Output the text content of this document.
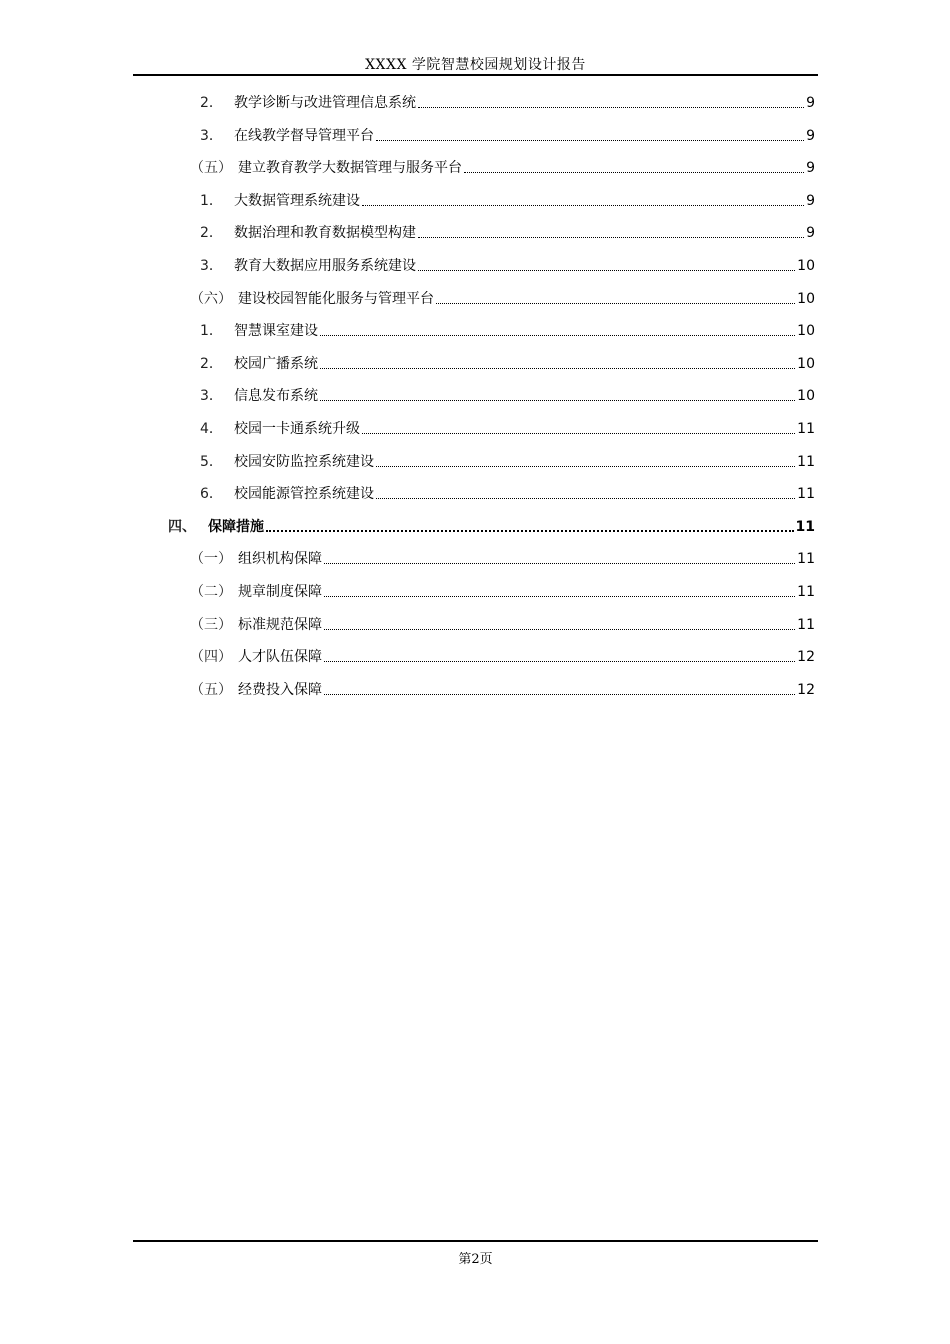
XXXX 学院智慧校园规划设计报告
2． 教学诊断与改进管理信息系统	9
3． 在线教学督导管理平台	9
（五） 建立教育教学大数据管理与服务平台	9
1． 大数据管理系统建设	9
2． 数据治理和教育数据模型构建	9
3． 教育大数据应用服务系统建设	10
（六） 建设校园智能化服务与管理平台	10
1． 智慧课室建设	10
2． 校园广播系统	10
3． 信息发布系统	10
4． 校园一卡通系统升级	11
5． 校园安防监控系统建设	11
6． 校园能源管控系统建设	11
四、 保障措施	11
（一） 组织机构保障	11
（二） 规章制度保障	11
（三） 标准规范保障	11
（四） 人才队伍保障	12
（五） 经费投入保障	12
第2页
